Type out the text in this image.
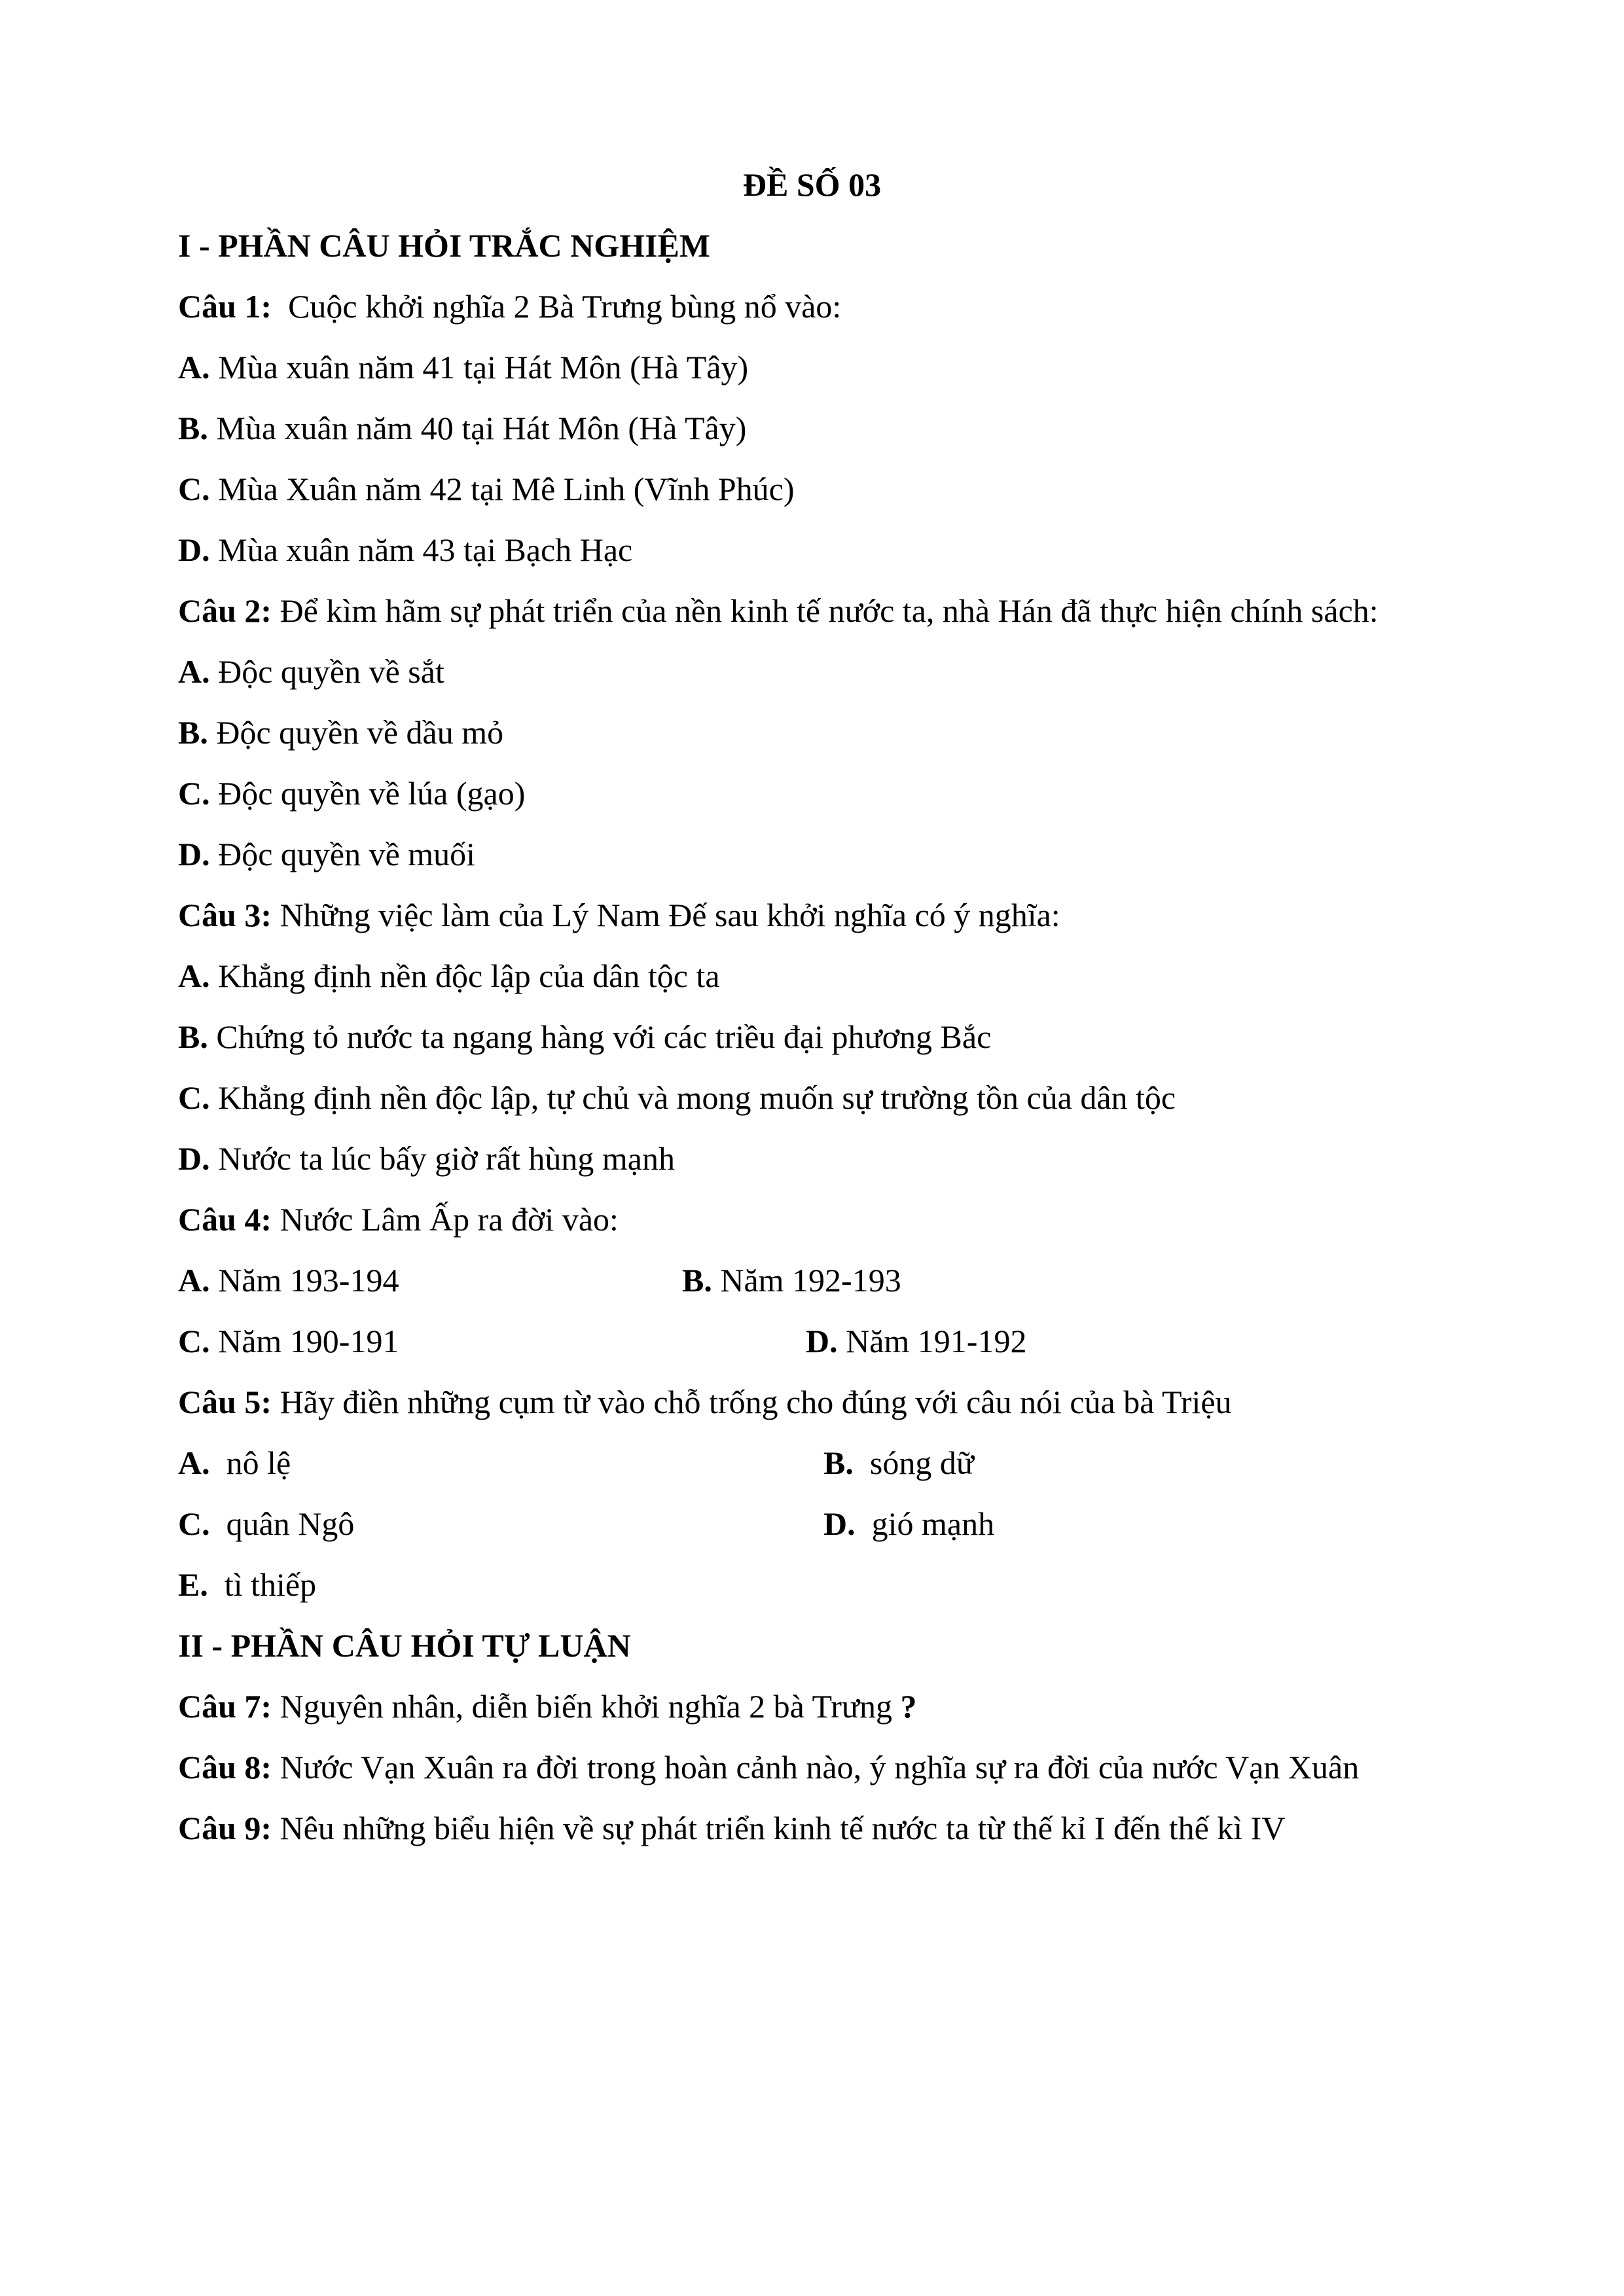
ĐỀ SỐ 03
I - PHẦN CÂU HỎI TRẮC NGHIỆM
Câu 1: Cuộc khởi nghĩa 2 Bà Trưng bùng nổ vào:
A. Mùa xuân năm 41 tại Hát Môn (Hà Tây)
B. Mùa xuân năm 40 tại Hát Môn (Hà Tây)
C. Mùa Xuân năm 42 tại Mê Linh (Vĩnh Phúc)
D. Mùa xuân năm 43 tại Bạch Hạc
Câu 2: Để kìm hãm sự phát triển của nền kinh tế nước ta, nhà Hán đã thực hiện chính sách:
A. Độc quyền về sắt
B. Độc quyền về dầu mỏ
C. Độc quyền về lúa (gạo)
D. Độc quyền về muối
Câu 3: Những việc làm của Lý Nam Đế sau khởi nghĩa có ý nghĩa:
A. Khẳng định nền độc lập của dân tộc ta
B. Chứng tỏ nước ta ngang hàng với các triều đại phương Bắc
C. Khẳng định nền độc lập, tự chủ và mong muốn sự trường tồn của dân tộc
D. Nước ta lúc bấy giờ rất hùng mạnh
Câu 4: Nước Lâm Ấp ra đời vào:
A. Năm 193-194	B. Năm 192-193
C. Năm 190-191	D. Năm 191-192
Câu 5: Hãy điền những cụm từ vào chỗ trống cho đúng với câu nói của bà Triệu
A. nô lệ	B. sóng dữ
C. quân Ngô	D. gió mạnh
E. tì thiếp
II - PHẦN CÂU HỎI TỰ LUẬN
Câu 7: Nguyên nhân, diễn biến khởi nghĩa 2 bà Trưng ?
Câu 8: Nước Vạn Xuân ra đời trong hoàn cảnh nào, ý nghĩa sự ra đời của nước Vạn Xuân
Câu 9: Nêu những biểu hiện về sự phát triển kinh tế nước ta từ thế kỉ I đến thế kì IV
